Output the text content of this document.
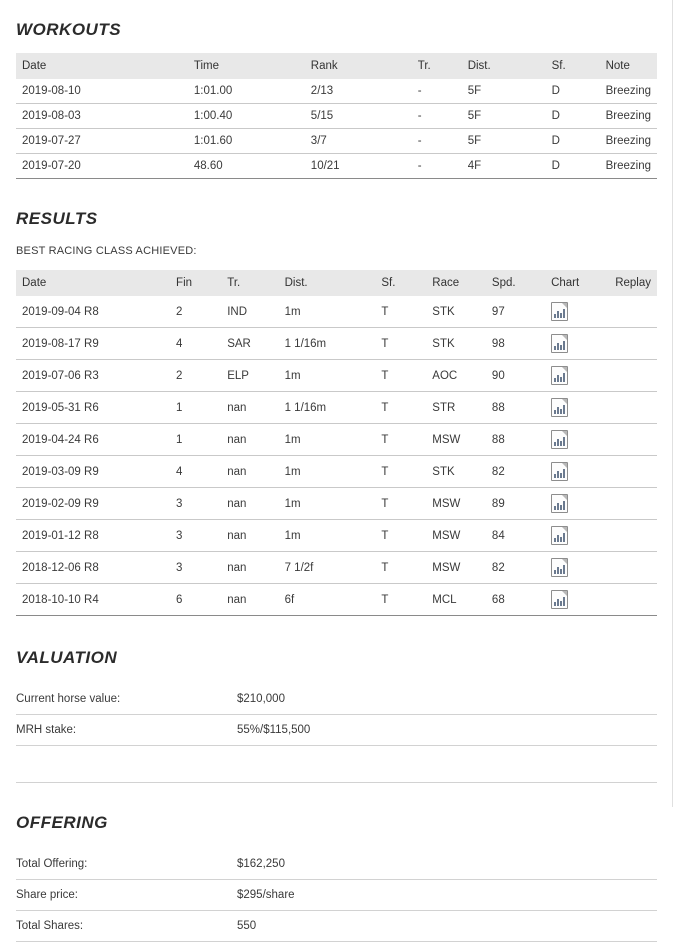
WORKOUTS
Date	Time	Rank	Tr.	Dist.	Sf.	Note
2019-08-10	1:01.00	2/13	-	5F	D	Breezing
2019-08-03	1:00.40	5/15	-	5F	D	Breezing
2019-07-27	1:01.60	3/7	-	5F	D	Breezing
2019-07-20	48.60	10/21	-	4F	D	Breezing
RESULTS
BEST RACING CLASS ACHIEVED:
Date	Fin	Tr.	Dist.	Sf.	Race	Spd.	Chart	Replay
2019-09-04 R8	2	IND	1m	T	STK	97	

2019-08-17 R9	4	SAR	1 1/16m	T	STK	98	

2019-07-06 R3	2	ELP	1m	T	AOC	90	

2019-05-31 R6	1	nan	1 1/16m	T	STR	88	

2019-04-24 R6	1	nan	1m	T	MSW	88	

2019-03-09 R9	4	nan	1m	T	STK	82	

2019-02-09 R9	3	nan	1m	T	MSW	89	

2019-01-12 R8	3	nan	1m	T	MSW	84	

2018-12-06 R8	3	nan	7 1/2f	T	MSW	82	

2018-10-10 R4	6	nan	6f	T	MCL	68	

VALUATION
Current horse value:	$210,000
MRH stake:	55%/$115,500

OFFERING
Total Offering:	$162,250
Share price:	$295/share
Total Shares:	550
